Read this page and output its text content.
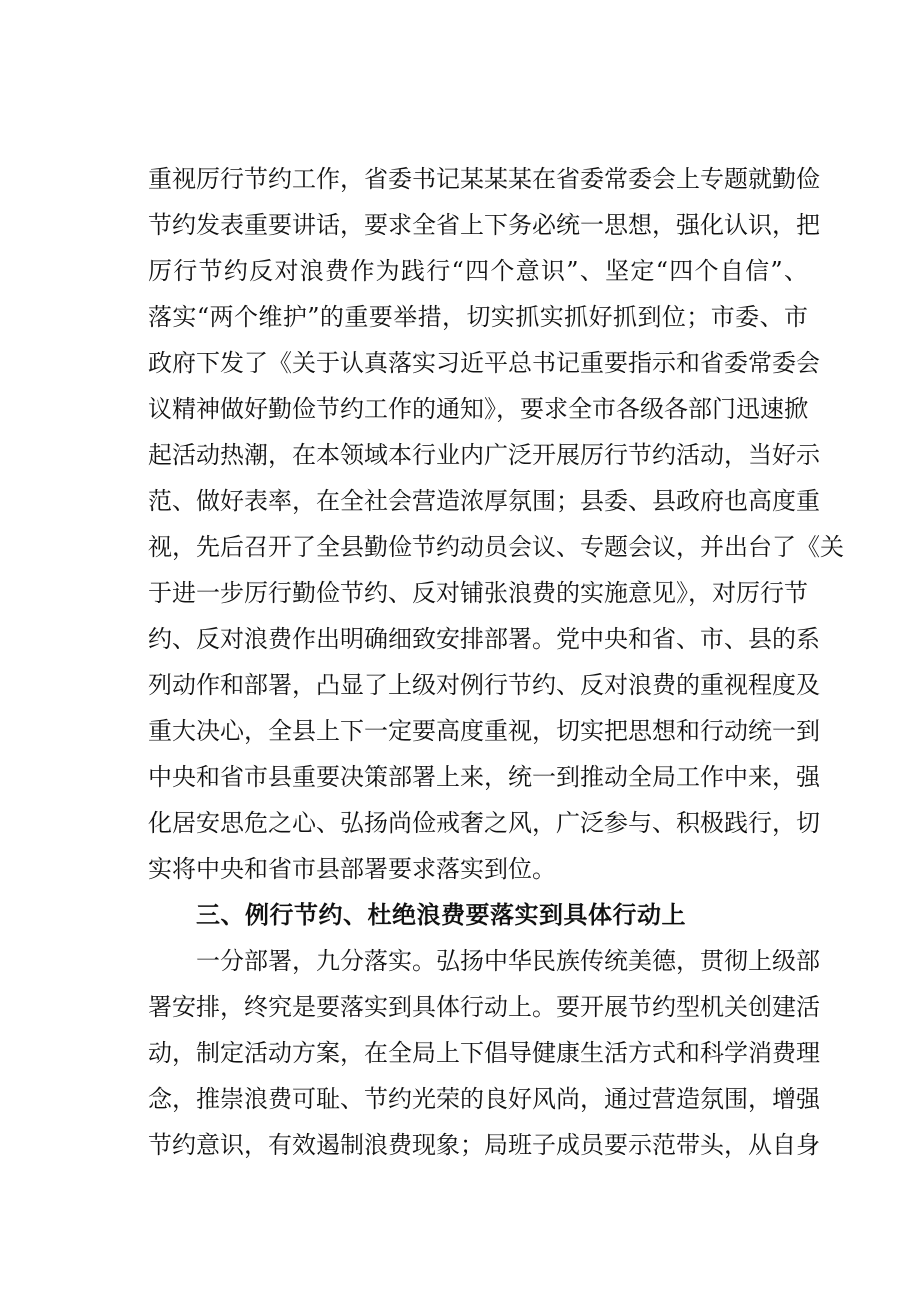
重视厉行节约工作，省委书记某某某在省委常委会上专题就勤俭
节约发表重要讲话，要求全省上下务必统一思想，强化认识，把
厉行节约反对浪费作为践行“四个意识”、坚定“四个自信”、
落实“两个维护”的重要举措，切实抓实抓好抓到位；市委、市
政府下发了《关于认真落实习近平总书记重要指示和省委常委会
议精神做好勤俭节约工作的通知》，要求全市各级各部门迅速掀
起活动热潮，在本领域本行业内广泛开展厉行节约活动，当好示
范、做好表率，在全社会营造浓厚氛围；县委、县政府也高度重
视，先后召开了全县勤俭节约动员会议、专题会议，并出台了《关
于进一步厉行勤俭节约、反对铺张浪费的实施意见》，对厉行节
约、反对浪费作出明确细致安排部署。党中央和省、市、县的系
列动作和部署，凸显了上级对例行节约、反对浪费的重视程度及
重大决心，全县上下一定要高度重视，切实把思想和行动统一到
中央和省市县重要决策部署上来，统一到推动全局工作中来，强
化居安思危之心、弘扬尚俭戒奢之风，广泛参与、积极践行，切
实将中央和省市县部署要求落实到位。
三、例行节约、杜绝浪费要落实到具体行动上
一分部署，九分落实。弘扬中华民族传统美德，贯彻上级部
署安排，终究是要落实到具体行动上。要开展节约型机关创建活
动，制定活动方案，在全局上下倡导健康生活方式和科学消费理
念，推崇浪费可耻、节约光荣的良好风尚，通过营造氛围，增强
节约意识，有效遏制浪费现象；局班子成员要示范带头，从自身
